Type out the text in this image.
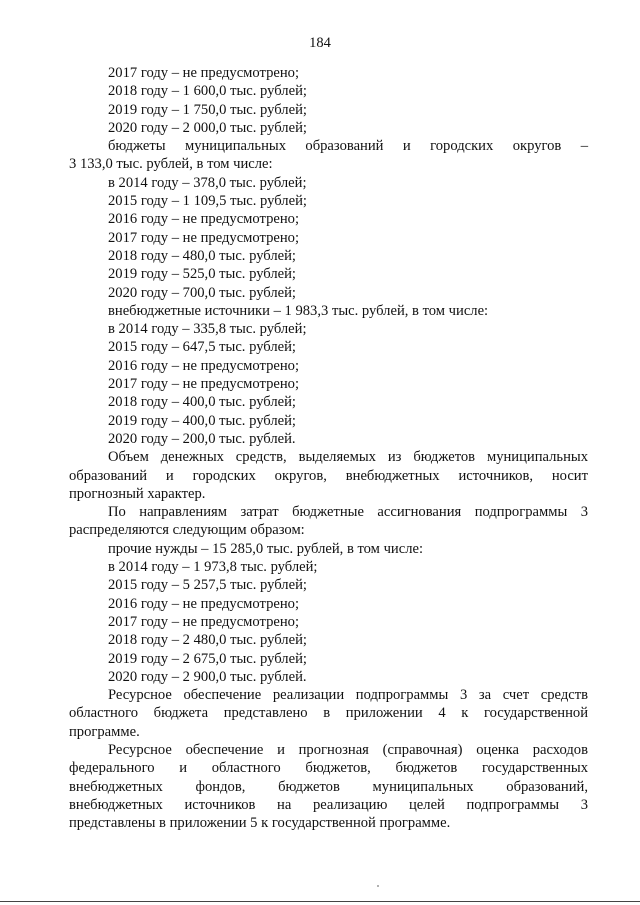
184
2017 году – не предусмотрено;
2018 году – 1 600,0 тыс. рублей;
2019 году – 1 750,0 тыс. рублей;
2020 году – 2 000,0 тыс. рублей;
бюджеты муниципальных образований и городских округов –
3 133,0 тыс. рублей, в том числе:
в 2014 году – 378,0 тыс. рублей;
2015 году – 1 109,5 тыс. рублей;
2016 году – не предусмотрено;
2017 году – не предусмотрено;
2018 году – 480,0 тыс. рублей;
2019 году – 525,0 тыс. рублей;
2020 году – 700,0 тыс. рублей;
внебюджетные источники – 1 983,3 тыс. рублей, в том числе:
в 2014 году – 335,8 тыс. рублей;
2015 году – 647,5 тыс. рублей;
2016 году – не предусмотрено;
2017 году – не предусмотрено;
2018 году – 400,0 тыс. рублей;
2019 году – 400,0 тыс. рублей;
2020 году – 200,0 тыс. рублей.
Объем денежных средств, выделяемых из бюджетов муниципальных
образований и городских округов, внебюджетных источников, носит
прогнозный характер.
По направлениям затрат бюджетные ассигнования подпрограммы 3
распределяются следующим образом:
прочие нужды – 15 285,0 тыс. рублей, в том числе:
в 2014 году – 1 973,8 тыс. рублей;
2015 году – 5 257,5 тыс. рублей;
2016 году – не предусмотрено;
2017 году – не предусмотрено;
2018 году – 2 480,0 тыс. рублей;
2019 году – 2 675,0 тыс. рублей;
2020 году – 2 900,0 тыс. рублей.
Ресурсное обеспечение реализации подпрограммы 3 за счет средств
областного бюджета представлено в приложении 4 к государственной
программе.
Ресурсное обеспечение и прогнозная (справочная) оценка расходов
федерального и областного бюджетов, бюджетов государственных
внебюджетных фондов, бюджетов муниципальных образований,
внебюджетных источников на реализацию целей подпрограммы 3
представлены в приложении 5 к государственной программе.
